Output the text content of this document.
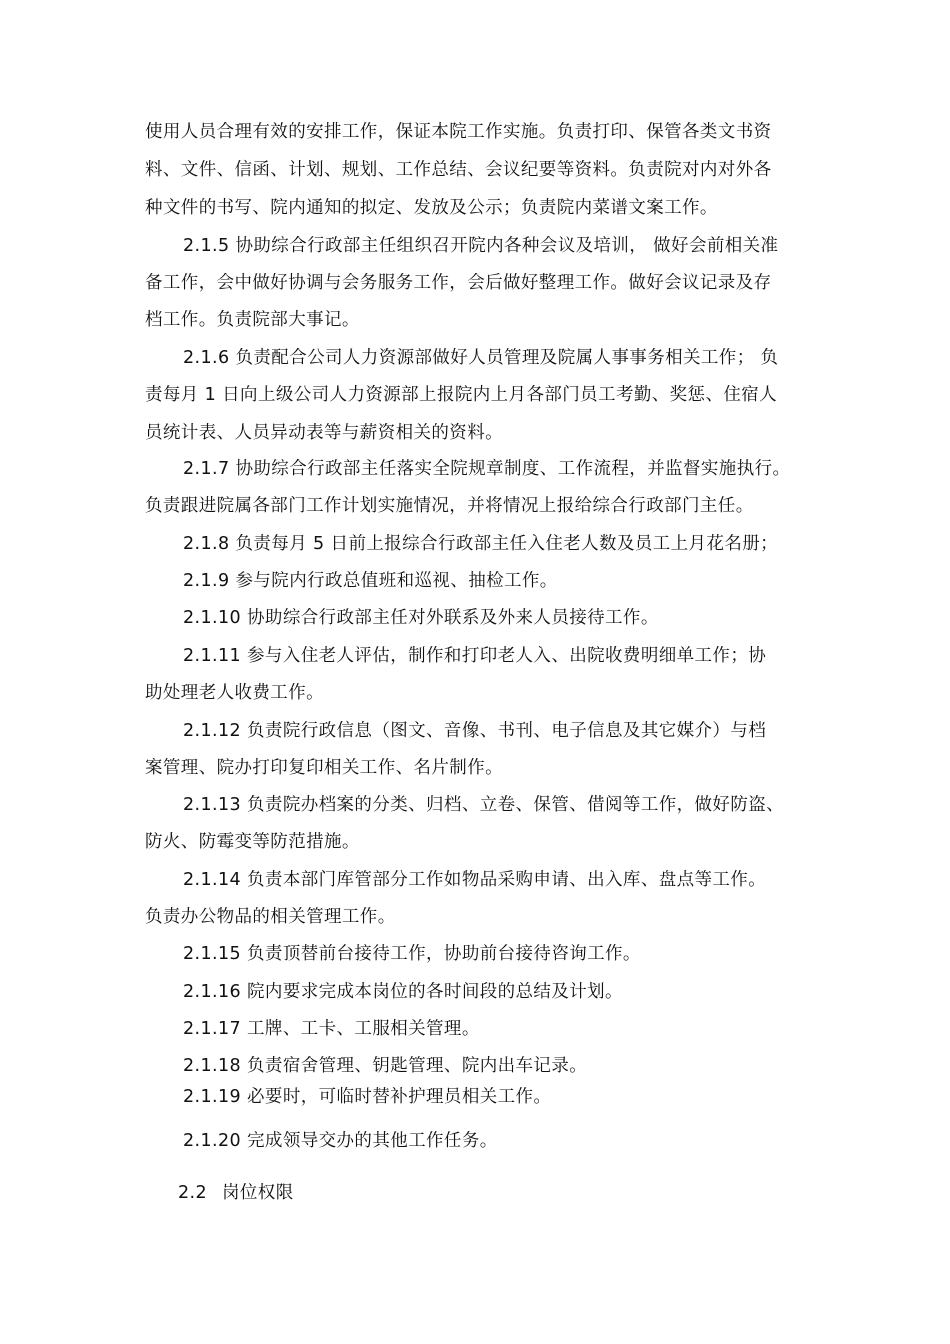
使用人员合理有效的安排工作，保证本院工作实施。负责打印、保管各类文书资
料、文件、信函、计划、规划、工作总结、会议纪要等资料。负责院对内对外各
种文件的书写、院内通知的拟定、发放及公示；负责院内菜谱文案工作。
2.1.5 协助综合行政部主任组织召开院内各种会议及培训， 做好会前相关准
备工作，会中做好协调与会务服务工作，会后做好整理工作。做好会议记录及存
档工作。负责院部大事记。
2.1.6 负责配合公司人力资源部做好人员管理及院属人事事务相关工作； 负
责每月 1 日向上级公司人力资源部上报院内上月各部门员工考勤、奖惩、住宿人
员统计表、人员异动表等与薪资相关的资料。
2.1.7 协助综合行政部主任落实全院规章制度、工作流程，并监督实施执行。
负责跟进院属各部门工作计划实施情况，并将情况上报给综合行政部门主任。
2.1.8 负责每月 5 日前上报综合行政部主任入住老人数及员工上月花名册；
2.1.9 参与院内行政总值班和巡视、抽检工作。
2.1.10 协助综合行政部主任对外联系及外来人员接待工作。
2.1.11 参与入住老人评估，制作和打印老人入、出院收费明细单工作；协
助处理老人收费工作。
2.1.12 负责院行政信息（图文、音像、书刊、电子信息及其它媒介）与档
案管理、院办打印复印相关工作、名片制作。
2.1.13 负责院办档案的分类、归档、立卷、保管、借阅等工作，做好防盗、
防火、防霉变等防范措施。
2.1.14 负责本部门库管部分工作如物品采购申请、出入库、盘点等工作。
负责办公物品的相关管理工作。
2.1.15 负责顶替前台接待工作，协助前台接待咨询工作。
2.1.16 院内要求完成本岗位的各时间段的总结及计划。
2.1.17 工牌、工卡、工服相关管理。
2.1.18 负责宿舍管理、钥匙管理、院内出车记录。
2.1.19 必要时，可临时替补护理员相关工作。
2.1.20 完成领导交办的其他工作任务。
2.2 岗位权限
